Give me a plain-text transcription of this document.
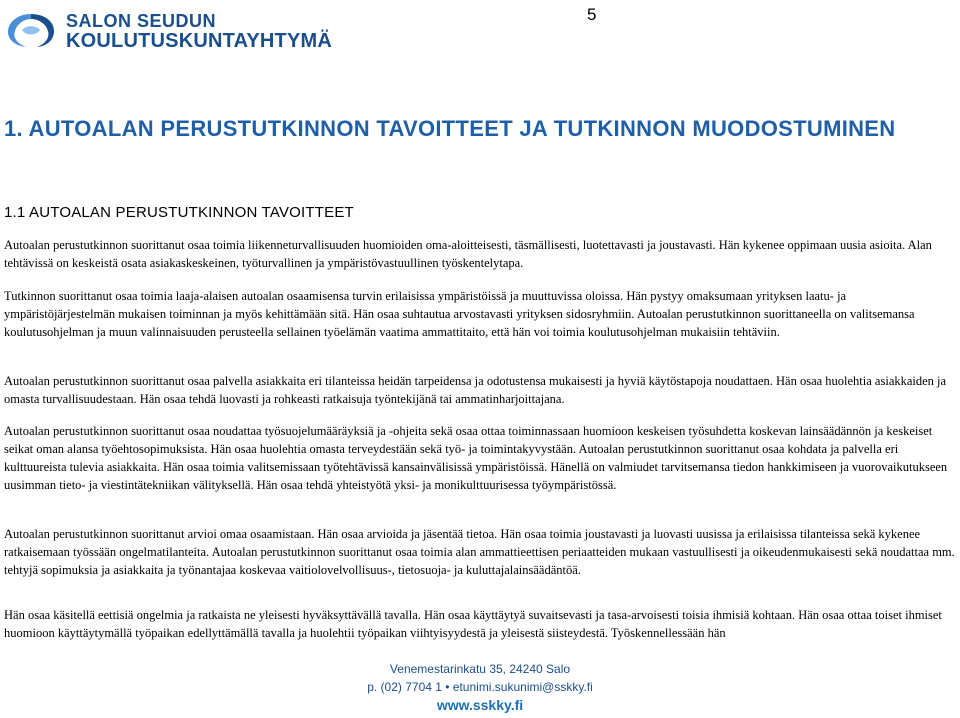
SALON SEUDUN
KOULUTUSKUNTAYHTYMÄ
5
1. AUTOALAN PERUSTUTKINNON TAVOITTEET JA TUTKINNON MUODOSTUMINEN
1.1 AUTOALAN PERUSTUTKINNON TAVOITTEET

Autoalan perustutkinnon suorittanut osaa toimia liikenneturvallisuuden huomioiden oma-aloitteisesti, täsmällisesti, luotettavasti ja joustavasti. Hän kykenee oppimaan uusia asioita. Alan tehtävissä on keskeistä osata asiakaskeskeinen, työturvallinen ja ympäristövastuullinen työskentelytapa.

Tutkinnon suorittanut osaa toimia laaja-alaisen autoalan osaamisensa turvin erilaisissa ympäristöissä ja muuttuvissa oloissa. Hän pystyy omaksumaan yrityksen laatu- ja ympäristöjärjestelmän mukaisen toiminnan ja myös kehittämään sitä. Hän osaa suhtautua arvostavasti yrityksen sidosryhmiin. Autoalan perustutkinnon suorittaneella on valitsemansa koulutusohjelman ja muun valinnaisuuden perusteella sellainen työelämän vaatima ammattitaito, että hän voi toimia koulutusohjelman mukaisiin tehtäviin.

Autoalan perustutkinnon suorittanut osaa palvella asiakkaita eri tilanteissa heidän tarpeidensa ja odotustensa mukaisesti ja hyviä käytöstapoja noudattaen. Hän osaa huolehtia asiakkaiden ja omasta turvallisuudestaan. Hän osaa tehdä luovasti ja rohkeasti ratkaisuja työntekijänä tai ammatinharjoittajana.

Autoalan perustutkinnon suorittanut osaa noudattaa työsuojelumääräyksiä ja -ohjeita sekä osaa ottaa toiminnassaan huomioon keskeisen työsuhdetta koskevan lainsäädännön ja keskeiset seikat oman alansa työehtosopimuksista. Hän osaa huolehtia omasta terveydestään sekä työ- ja toimintakyvystään. Autoalan perustutkinnon suorittanut osaa kohdata ja palvella eri kulttuureista tulevia asiakkaita. Hän osaa toimia valitsemissaan työtehtävissä kansainvälisissä ympäristöissä. Hänellä on valmiudet tarvitsemansa tiedon hankkimiseen ja vuorovaikutukseen uusimman tieto- ja viestintätekniikan välityksellä. Hän osaa tehdä yhteistyötä yksi- ja monikulttuurisessa työympäristössä.

Autoalan perustutkinnon suorittanut arvioi omaa osaamistaan. Hän osaa arvioida ja jäsentää tietoa. Hän osaa toimia joustavasti ja luovasti uusissa ja erilaisissa tilanteissa sekä kykenee ratkaisemaan työssään ongelmatilanteita. Autoalan perustutkinnon suorittanut osaa toimia alan ammattieettisen periaatteiden mukaan vastuullisesti ja oikeudenmukaisesti sekä noudattaa mm. tehtyjä sopimuksia ja asiakkaita ja työnantajaa koskevaa vaitiolovelvollisuus-, tietosuoja- ja kuluttajalainsäädäntöä.

Hän osaa käsitellä eettisiä ongelmia ja ratkaista ne yleisesti hyväksyttävällä tavalla. Hän osaa käyttäytyä suvaitsevasti ja tasa-arvoisesti toisia ihmisiä kohtaan. Hän osaa ottaa toiset ihmiset huomioon käyttäytymällä työpaikan edellyttämällä tavalla ja huolehtii työpaikan viihtyisyydestä ja yleisestä siisteydestä. Työskennellessään hän

Venemestarinkatu 35, 24240 Salo
p. (02) 7704 1 • etunimi.sukunimi@sskky.fi
www.sskky.fi
